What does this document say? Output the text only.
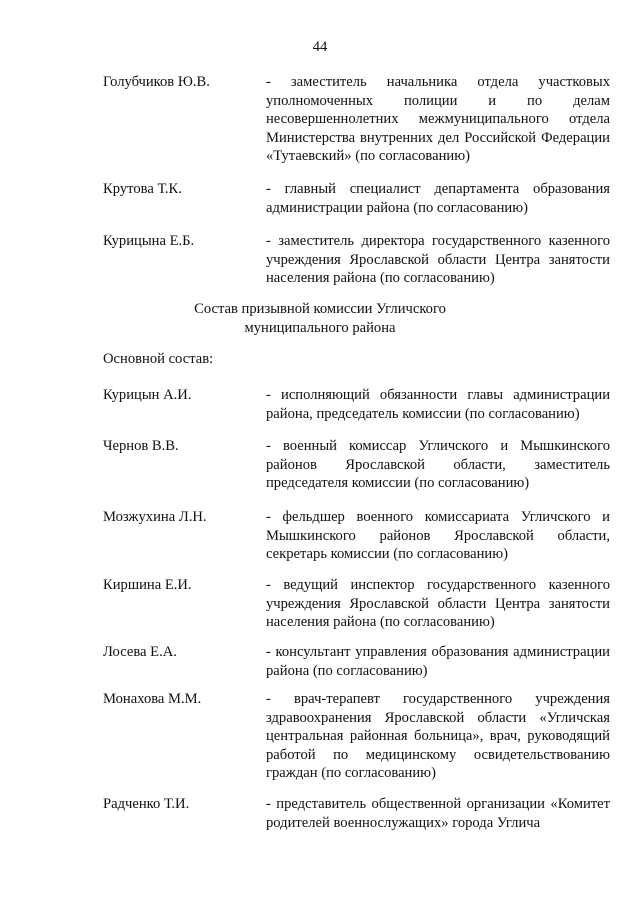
44
Голубчиков Ю.В.	- заместитель начальника отдела участковых уполномоченных полиции и по делам несовершеннолетних межмуниципального отдела Министерства внутренних дел Российской Федерации «Тутаевский» (по согласованию)
Крутова Т.К.	- главный специалист департамента образования администрации района (по согласованию)
Курицына Е.Б.	- заместитель директора государственного казенного учреждения Ярославской области Центра занятости населения района (по согласованию)
Состав призывной комиссии Угличского
муниципального района
Основной состав:
Курицын А.И.	- исполняющий обязанности главы администрации района, председатель комиссии (по согласованию)
Чернов В.В.	- военный комиссар Угличского и Мышкинского районов Ярославской области, заместитель председателя комиссии (по согласованию)
Мозжухина Л.Н.	- фельдшер военного комиссариата Угличского и Мышкинского районов Ярославской области, секретарь комиссии (по согласованию)
Киршина Е.И.	- ведущий инспектор государственного казенного учреждения Ярославской области Центра занятости населения района (по согласованию)
Лосева Е.А.	- консультант управления образования администрации района (по согласованию)
Монахова М.М.	- врач-терапевт государственного учреждения здравоохранения Ярославской области «Угличская центральная районная больница», врач, руководящий работой по медицинскому освидетельствованию граждан (по согласованию)
Радченко Т.И.	- представитель общественной организации «Комитет родителей военнослужащих» города Углича
